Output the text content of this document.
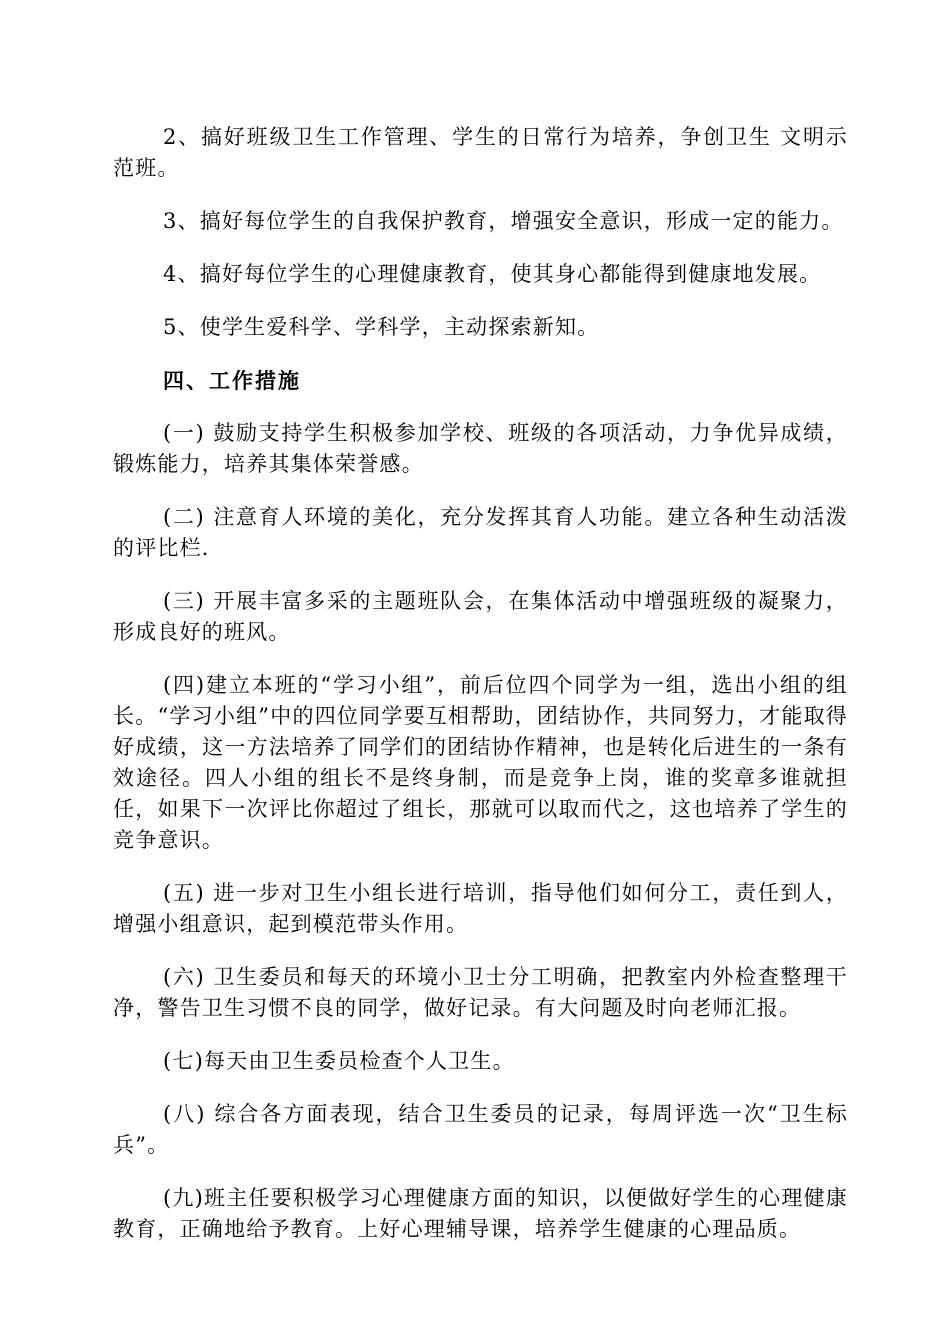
2、搞好班级卫生工作管理、学生的日常行为培养，争创卫生 文明示范班。

3、搞好每位学生的自我保护教育，增强安全意识，形成一定的能力。

4、搞好每位学生的心理健康教育，使其身心都能得到健康地发展。

5、使学生爱科学、学科学，主动探索新知。

四、工作措施

(一) 鼓励支持学生积极参加学校、班级的各项活动，力争优异成绩，锻炼能力，培养其集体荣誉感。

(二) 注意育人环境的美化，充分发挥其育人功能。建立各种生动活泼的评比栏.

(三) 开展丰富多采的主题班队会，在集体活动中增强班级的凝聚力，形成良好的班风。

(四)建立本班的“学习小组”，前后位四个同学为一组，选出小组的组长。“学习小组”中的四位同学要互相帮助，团结协作，共同努力，才能取得好成绩，这一方法培养了同学们的团结协作精神，也是转化后进生的一条有效途径。四人小组的组长不是终身制，而是竞争上岗，谁的奖章多谁就担任，如果下一次评比你超过了组长，那就可以取而代之，这也培养了学生的竞争意识。

(五) 进一步对卫生小组长进行培训，指导他们如何分工，责任到人，增强小组意识，起到模范带头作用。

(六) 卫生委员和每天的环境小卫士分工明确，把教室内外检查整理干净，警告卫生习惯不良的同学，做好记录。有大问题及时向老师汇报。

(七)每天由卫生委员检查个人卫生。

(八) 综合各方面表现，结合卫生委员的记录，每周评选一次“卫生标兵”。

(九)班主任要积极学习心理健康方面的知识，以便做好学生的心理健康教育，正确地给予教育。上好心理辅导课，培养学生健康的心理品质。
